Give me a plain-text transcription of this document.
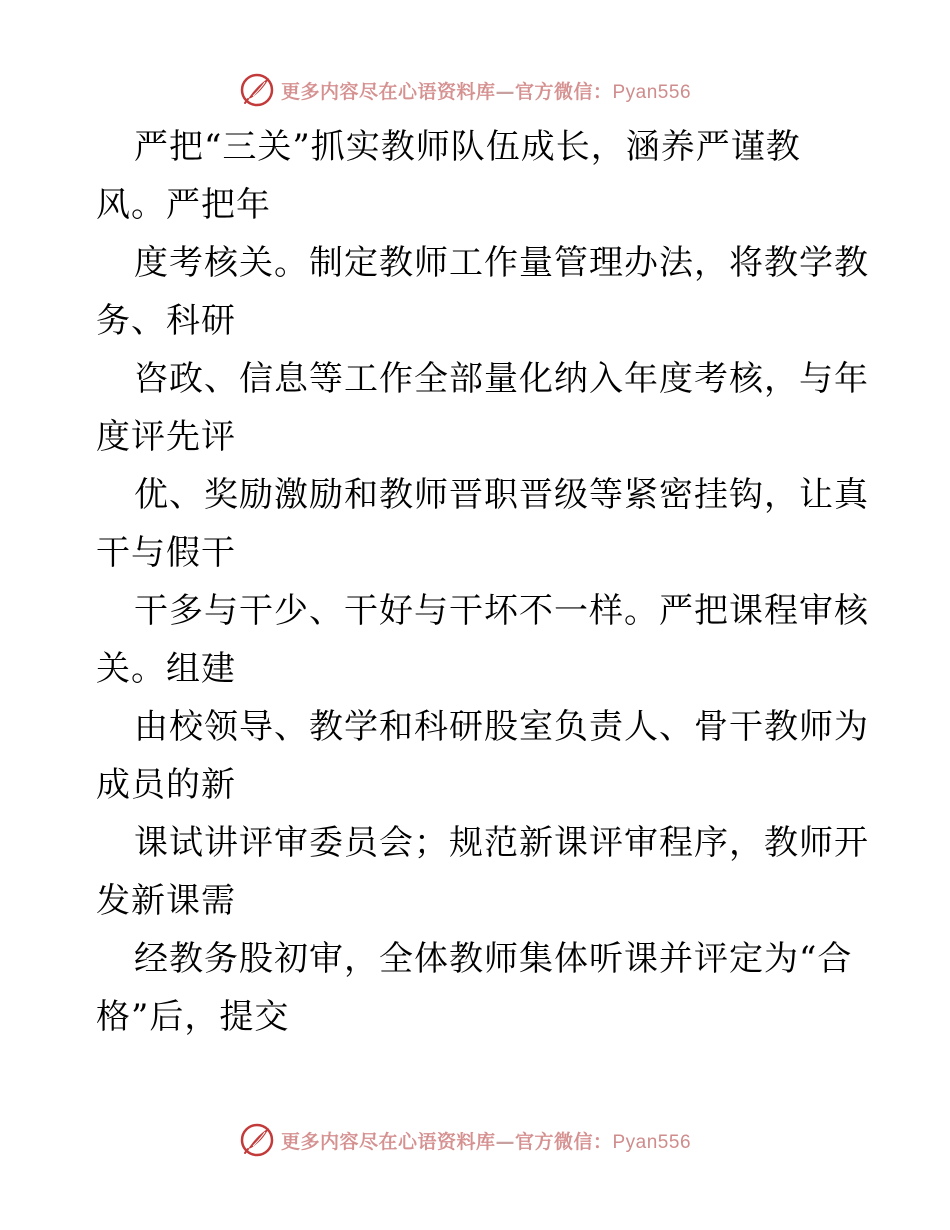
更多内容尽在心语资料库—官方微信：Pyan556
严把“三关”抓实教师队伍成长，涵养严谨教
风。严把年
度考核关。制定教师工作量管理办法，将教学教
务、科研
咨政、信息等工作全部量化纳入年度考核，与年
度评先评
优、奖励激励和教师晋职晋级等紧密挂钩，让真
干与假干
干多与干少、干好与干坏不一样。严把课程审核
关。组建
由校领导、教学和科研股室负责人、骨干教师为
成员的新
课试讲评审委员会；规范新课评审程序，教师开
发新课需
经教务股初审，全体教师集体听课并评定为“合
格”后，提交
更多内容尽在心语资料库—官方微信：Pyan556
